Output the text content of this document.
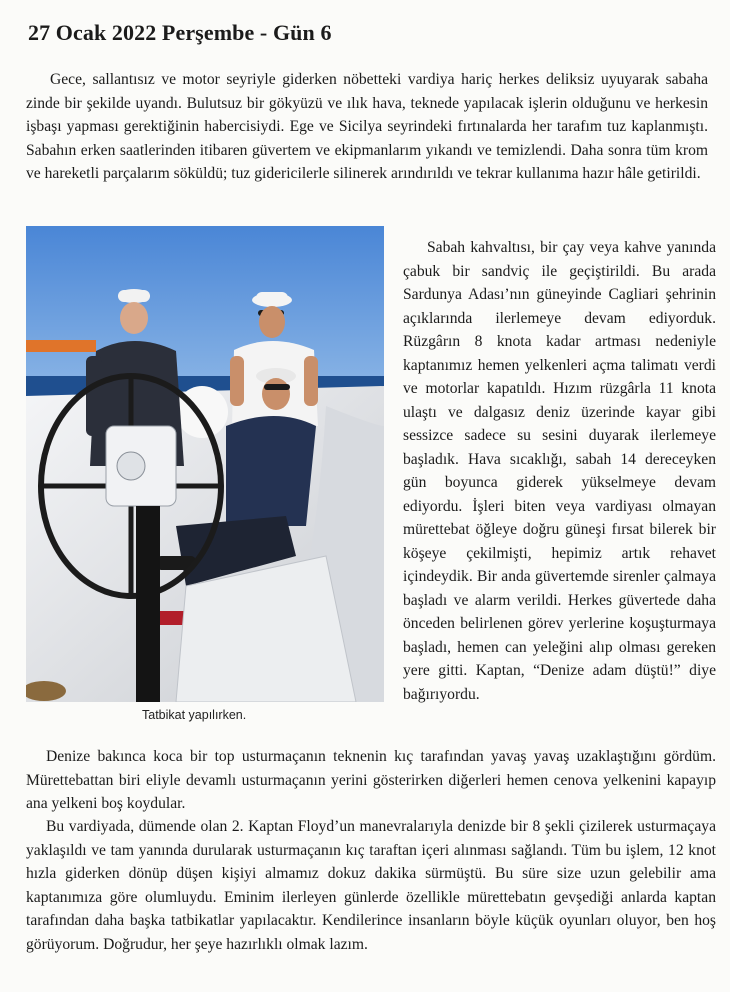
27 Ocak 2022 Perşembe - Gün 6

Gece, sallantısız ve motor seyriyle giderken nöbetteki vardiya hariç herkes deliksiz uyuyarak sabaha zinde bir şekilde uyandı. Bulutsuz bir gökyüzü ve ılık hava, teknede yapılacak işlerin olduğunu ve herkesin işbaşı yapması gerektiğinin habercisiydi. Ege ve Sicilya seyrindeki fırtınalarda her tarafım tuz kaplanmıştı. Sabahın erken saatlerinden itibaren güvertem ve ekipmanlarım yıkandı ve temizlendi. Daha sonra tüm krom ve hareketli parçalarım söküldü; tuz gidericilerle silinerek arındırıldı ve tekrar kullanıma hazır hâle getirildi.

Tatbikat yapılırken.

Sabah kahvaltısı, bir çay veya kahve yanında çabuk bir sandviç ile geçiştirildi. Bu arada Sardunya Adası’nın güneyinde Cagliari şehrinin açıklarında ilerlemeye devam ediyorduk. Rüzgârın 8 knota kadar artması nedeniyle kaptanımız hemen yelkenleri açma talimatı verdi ve motorlar kapatıldı. Hızım rüzgârla 11 knota ulaştı ve dalgasız deniz üzerinde kayar gibi sessizce sadece su sesini duyarak ilerlemeye başladık. Hava sıcaklığı, sabah 14 dereceyken gün boyunca giderek yükselmeye devam ediyordu. İşleri biten veya vardiyası olmayan mürettebat öğleye doğru güneşi fırsat bilerek bir köşeye çekilmişti, hepimiz artık rehavet içindeydik. Bir anda güvertemde sirenler çalmaya başladı ve alarm verildi. Herkes güvertede daha önceden belirlenen görev yerlerine koşuşturmaya başladı, hemen can yeleğini alıp olması gereken yere gitti. Kaptan, “Denize adam düştü!” diye bağırıyordu.

Denize bakınca koca bir top usturmaçanın teknenin kıç tarafından yavaş yavaş uzaklaştığını gördüm. Mürettebattan biri eliyle devamlı usturmaçanın yerini gösterirken diğerleri hemen cenova yelkenini kapayıp ana yelkeni boş koydular.

Bu vardiyada, dümende olan 2. Kaptan Floyd’un manevralarıyla denizde bir 8 şekli çizilerek usturmaçaya yaklaşıldı ve tam yanında durularak usturmaçanın kıç taraftan içeri alınması sağlandı. Tüm bu işlem, 12 knot hızla giderken dönüp düşen kişiyi almamız dokuz dakika sürmüştü. Bu süre size uzun gelebilir ama kaptanımıza göre olumluydu. Eminim ilerleyen günlerde özellikle mürettebatın gevşediği anlarda kaptan tarafından daha başka tatbikatlar yapılacaktır. Kendilerince insanların böyle küçük oyunları oluyor, ben hoş görüyorum. Doğrudur, her şeye hazırlıklı olmak lazım.
